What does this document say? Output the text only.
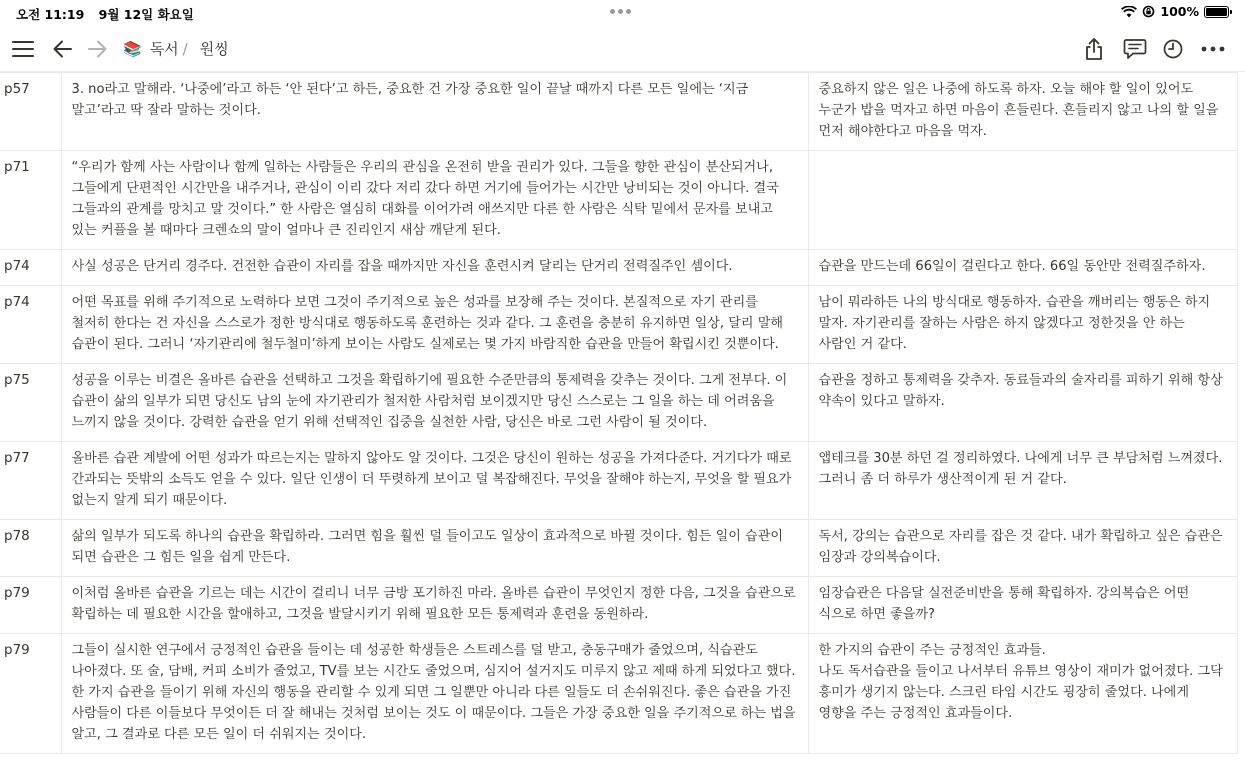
오전 11:19 9월 12일 화요일	100%
📚 독서 / 원씽
p57	3. no라고 말해라. ‘나중에’라고 하든 ‘안 된다’고 하든, 중요한 건 가장 중요한 일이 끝날 때까지 다른 모든 일에는 ‘지금 말고’라고 딱 잘라 말하는 것이다.	중요하지 않은 일은 나중에 하도록 하자. 오늘 해야 할 일이 있어도 누군가 밥을 먹자고 하면 마음이 흔들린다. 흔들리지 않고 나의 할 일을 먼저 해야한다고 마음을 먹자.
p71	“우리가 함께 사는 사람이나 함께 일하는 사람들은 우리의 관심을 온전히 받을 권리가 있다. 그들을 향한 관심이 분산되거나, 그들에게 단편적인 시간만을 내주거나, 관심이 이리 갔다 저리 갔다 하면 거기에 들어가는 시간만 낭비되는 것이 아니다. 결국 그들과의 관계를 망치고 말 것이다.” 한 사람은 열심히 대화를 이어가려 애쓰지만 다른 한 사람은 식탁 밑에서 문자를 보내고 있는 커플을 볼 때마다 크렌쇼의 말이 얼마나 큰 진리인지 새삼 깨닫게 된다.	
p74	사실 성공은 단거리 경주다. 건전한 습관이 자리를 잡을 때까지만 자신을 훈련시켜 달리는 단거리 전력질주인 셈이다.	습관을 만드는데 66일이 걸린다고 한다. 66일 동안만 전력질주하자.
p74	어떤 목표를 위해 주기적으로 노력하다 보면 그것이 주기적으로 높은 성과를 보장해 주는 것이다. 본질적으로 자기 관리를 철저히 한다는 건 자신을 스스로가 정한 방식대로 행동하도록 훈련하는 것과 같다. 그 훈련을 충분히 유지하면 일상, 달리 말해 습관이 된다. 그러니 ‘자기관리에 철두철미’하게 보이는 사람도 실제로는 몇 가지 바람직한 습관을 만들어 확립시킨 것뿐이다.	남이 뭐라하든 나의 방식대로 행동하자. 습관을 깨버리는 행동은 하지 말자. 자기관리를 잘하는 사람은 하지 않겠다고 정한것을 안 하는 사람인 거 같다.
p75	성공을 이루는 비결은 올바른 습관을 선택하고 그것을 확립하기에 필요한 수준만큼의 통제력을 갖추는 것이다. 그게 전부다. 이 습관이 삶의 일부가 되면 당신도 남의 눈에 자기관리가 철저한 사람처럼 보이겠지만 당신 스스로는 그 일을 하는 데 어려움을 느끼지 않을 것이다. 강력한 습관을 얻기 위해 선택적인 집중을 실천한 사람, 당신은 바로 그런 사람이 될 것이다.	습관을 정하고 통제력을 갖추자. 동료들과의 술자리를 피하기 위해 항상 약속이 있다고 말하자.
p77	올바른 습관 계발에 어떤 성과가 따르는지는 말하지 않아도 알 것이다. 그것은 당신이 원하는 성공을 가져다준다. 거기다가 때로 간과되는 뜻밖의 소득도 얻을 수 있다. 일단 인생이 더 뚜렷하게 보이고 덜 복잡해진다. 무엇을 잘해야 하는지, 무엇을 할 필요가 없는지 알게 되기 때문이다.	앱테크를 30분 하던 걸 정리하였다. 나에게 너무 큰 부담처럼 느껴졌다. 그러니 좀 더 하루가 생산적이게 된 거 같다.
p78	삶의 일부가 되도록 하나의 습관을 확립하라. 그러면 힘을 훨씬 덜 들이고도 일상이 효과적으로 바뀔 것이다. 힘든 일이 습관이 되면 습관은 그 힘든 일을 쉽게 만든다.	독서, 강의는 습관으로 자리를 잡은 것 같다. 내가 확립하고 싶은 습관은 임장과 강의복습이다.
p79	이처럼 올바른 습관을 기르는 데는 시간이 걸리니 너무 금방 포기하진 마라. 올바른 습관이 무엇인지 정한 다음, 그것을 습관으로 확립하는 데 필요한 시간을 할애하고, 그것을 발달시키기 위해 필요한 모든 통제력과 훈련을 동원하라.	임장습관은 다음달 실전준비반을 통해 확립하자. 강의복습은 어떤 식으로 하면 좋을까?
p79	그들이 실시한 연구에서 긍정적인 습관을 들이는 데 성공한 학생들은 스트레스를 덜 받고, 충동구매가 줄었으며, 식습관도 나아졌다. 또 술, 담배, 커피 소비가 줄었고, TV를 보는 시간도 줄었으며, 심지어 설거지도 미루지 않고 제때 하게 되었다고 했다. 한 가지 습관을 들이기 위해 자신의 행동을 관리할 수 있게 되면 그 일뿐만 아니라 다른 일들도 더 손쉬워진다. 좋은 습관을 가진 사람들이 다른 이들보다 무엇이든 더 잘 해내는 것처럼 보이는 것도 이 때문이다. 그들은 가장 중요한 일을 주기적으로 하는 법을 알고, 그 결과로 다른 모든 일이 더 쉬워지는 것이다.	한 가지의 습관이 주는 긍정적인 효과들.
나도 독서습관을 들이고 나서부터 유튜브 영상이 재미가 없어졌다. 그닥 흥미가 생기지 않는다. 스크린 타임 시간도 굉장히 줄었다. 나에게 영향을 주는 긍정적인 효과들이다.
